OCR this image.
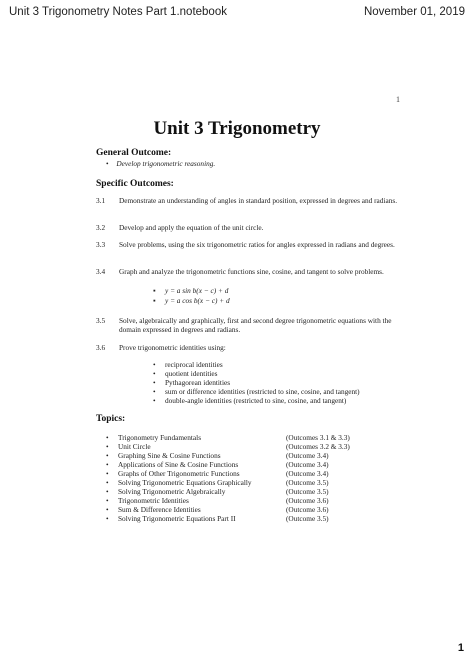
Unit 3 Trigonometry Notes Part 1.notebook	November 01, 2019
1
Unit 3 Trigonometry
General Outcome:
• Develop trigonometric reasoning.
Specific Outcomes:
3.1 Demonstrate an understanding of angles in standard position, expressed in degrees and radians.
3.2 Develop and apply the equation of the unit circle.
3.3 Solve problems, using the six trigonometric ratios for angles expressed in radians and degrees.
3.4 Graph and analyze the trigonometric functions sine, cosine, and tangent to solve problems.
▪ y = a sin b(x − c) + d
▪ y = a cos b(x − c) + d
3.5 Solve, algebraically and graphically, first and second degree trigonometric equations with the domain expressed in degrees and radians.
3.6 Prove trigonometric identities using:
• reciprocal identities
• quotient identities
• Pythagorean identities
• sum or difference identities (restricted to sine, cosine, and tangent)
• double-angle identities (restricted to sine, cosine, and tangent)
Topics:
• Trigonometry Fundamentals	(Outcomes 3.1 & 3.3)
• Unit Circle	(Outcomes 3.2 & 3.3)
• Graphing Sine & Cosine Functions	(Outcome 3.4)
• Applications of Sine & Cosine Functions	(Outcome 3.4)
• Graphs of Other Trigonometric Functions	(Outcome 3.4)
• Solving Trigonometric Equations Graphically	(Outcome 3.5)
• Solving Trigonometric Algebraically	(Outcome 3.5)
• Trigonometric Identities	(Outcome 3.6)
• Sum & Difference Identities	(Outcome 3.6)
• Solving Trigonometric Equations Part II	(Outcome 3.5)
1
